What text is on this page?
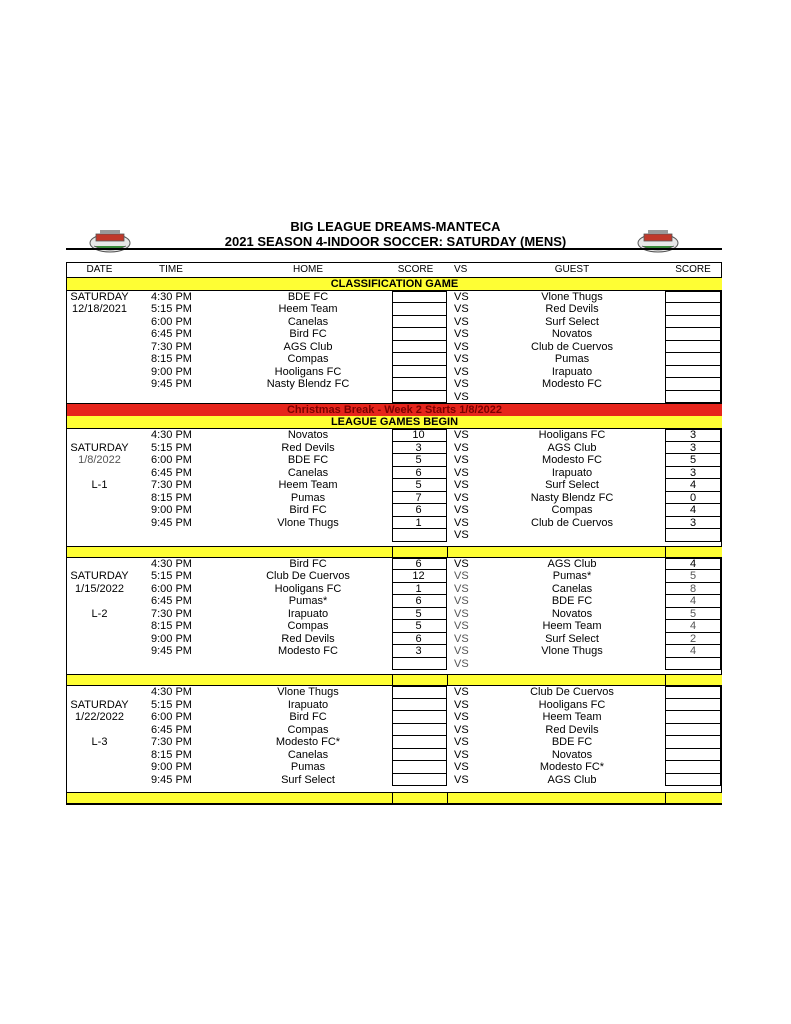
BIG LEAGUE DREAMS-MANTECA
2021 SEASON 4-INDOOR SOCCER: SATURDAY (MENS)
DATE	TIME	HOME	SCORE	VS	GUEST	SCORE
CLASSIFICATION GAME
SATURDAY	4:30 PM	BDE FC	VS	Vlone Thugs
12/18/2021	5:15 PM	Heem Team	VS	Red Devils
6:00 PM	Canelas	VS	Surf Select
6:45 PM	Bird FC	VS	Novatos
7:30 PM	AGS Club	VS	Club de Cuervos
8:15 PM	Compas	VS	Pumas
9:00 PM	Hooligans FC	VS	Irapuato
9:45 PM	Nasty Blendz FC	VS	Modesto FC
VS
Christmas Break - Week 2 Starts 1/8/2022
LEAGUE GAMES BEGIN
4:30 PM	Novatos	10	VS	Hooligans FC	3
SATURDAY	5:15 PM	Red Devils	3	VS	AGS Club	3
1/8/2022	6:00 PM	BDE FC	5	VS	Modesto FC	5
6:45 PM	Canelas	6	VS	Irapuato	3
L-1	7:30 PM	Heem Team	5	VS	Surf Select	4
8:15 PM	Pumas	7	VS	Nasty Blendz FC	0
9:00 PM	Bird FC	6	VS	Compas	4
9:45 PM	Vlone Thugs	1	VS	Club de Cuervos	3
VS
4:30 PM	Bird FC	6	VS	AGS Club	4
SATURDAY	5:15 PM	Club De Cuervos	12	VS	Pumas*	5
1/15/2022	6:00 PM	Hooligans FC	1	VS	Canelas	8
6:45 PM	Pumas*	6	VS	BDE FC	4
L-2	7:30 PM	Irapuato	5	VS	Novatos	5
8:15 PM	Compas	5	VS	Heem Team	4
9:00 PM	Red Devils	6	VS	Surf Select	2
9:45 PM	Modesto FC	3	VS	Vlone Thugs	4
VS
4:30 PM	Vlone Thugs	VS	Club De Cuervos
SATURDAY	5:15 PM	Irapuato	VS	Hooligans FC
1/22/2022	6:00 PM	Bird FC	VS	Heem Team
6:45 PM	Compas	VS	Red Devils
L-3	7:30 PM	Modesto FC*	VS	BDE FC
8:15 PM	Canelas	VS	Novatos
9:00 PM	Pumas	VS	Modesto FC*
9:45 PM	Surf Select	VS	AGS Club
